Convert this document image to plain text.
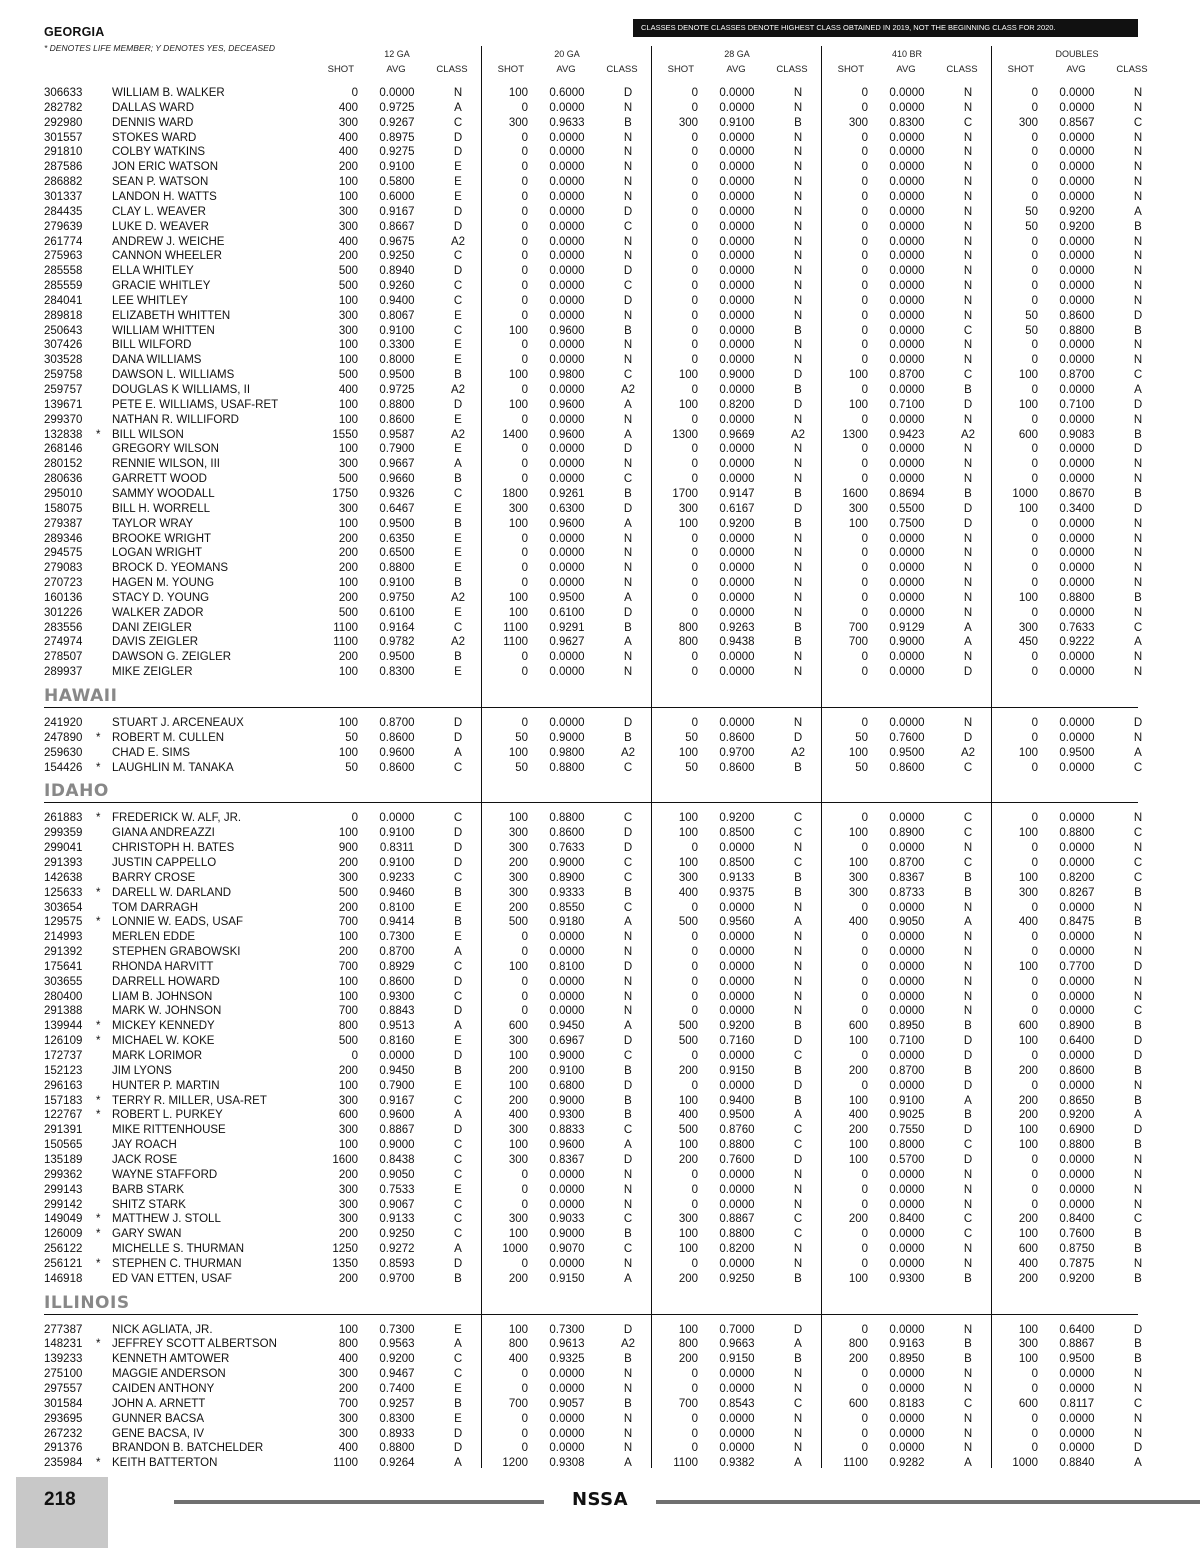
GEORGIA
* DENOTES LIFE MEMBER; Y DENOTES YES, DECEASED
CLASSES DENOTE CLASSES DENOTE HIGHEST CLASS OBTAINED IN 2019, NOT THE BEGINNING CLASS FOR 2020.
12 GA
SHOT	AVG	CLASS
20 GA
SHOT	AVG	CLASS
28 GA
SHOT	AVG	CLASS
410 BR
SHOT	AVG	CLASS
DOUBLES
SHOT	AVG	CLASS
306633	WILLIAM B. WALKER	0	0.0000	N	100	0.6000	D	0	0.0000	N	0	0.0000	N	0	0.0000	N
282782	DALLAS WARD	400	0.9725	A	0	0.0000	N	0	0.0000	N	0	0.0000	N	0	0.0000	N
292980	DENNIS WARD	300	0.9267	C	300	0.9633	B	300	0.9100	B	300	0.8300	C	300	0.8567	C
301557	STOKES WARD	400	0.8975	D	0	0.0000	N	0	0.0000	N	0	0.0000	N	0	0.0000	N
291810	COLBY WATKINS	400	0.9275	D	0	0.0000	N	0	0.0000	N	0	0.0000	N	0	0.0000	N
287586	JON ERIC WATSON	200	0.9100	E	0	0.0000	N	0	0.0000	N	0	0.0000	N	0	0.0000	N
286882	SEAN P. WATSON	100	0.5800	E	0	0.0000	N	0	0.0000	N	0	0.0000	N	0	0.0000	N
301337	LANDON H. WATTS	100	0.6000	E	0	0.0000	N	0	0.0000	N	0	0.0000	N	0	0.0000	N
284435	CLAY L. WEAVER	300	0.9167	D	0	0.0000	D	0	0.0000	N	0	0.0000	N	50	0.9200	A
279639	LUKE D. WEAVER	300	0.8667	D	0	0.0000	C	0	0.0000	N	0	0.0000	N	50	0.9200	B
261774	ANDREW J. WEICHE	400	0.9675	A2	0	0.0000	N	0	0.0000	N	0	0.0000	N	0	0.0000	N
275963	CANNON WHEELER	200	0.9250	C	0	0.0000	N	0	0.0000	N	0	0.0000	N	0	0.0000	N
285558	ELLA WHITLEY	500	0.8940	D	0	0.0000	D	0	0.0000	N	0	0.0000	N	0	0.0000	N
285559	GRACIE WHITLEY	500	0.9260	C	0	0.0000	C	0	0.0000	N	0	0.0000	N	0	0.0000	N
284041	LEE WHITLEY	100	0.9400	C	0	0.0000	D	0	0.0000	N	0	0.0000	N	0	0.0000	N
289818	ELIZABETH WHITTEN	300	0.8067	E	0	0.0000	N	0	0.0000	N	0	0.0000	N	50	0.8600	D
250643	WILLIAM WHITTEN	300	0.9100	C	100	0.9600	B	0	0.0000	B	0	0.0000	C	50	0.8800	B
307426	BILL WILFORD	100	0.3300	E	0	0.0000	N	0	0.0000	N	0	0.0000	N	0	0.0000	N
303528	DANA WILLIAMS	100	0.8000	E	0	0.0000	N	0	0.0000	N	0	0.0000	N	0	0.0000	N
259758	DAWSON L. WILLIAMS	500	0.9500	B	100	0.9800	C	100	0.9000	D	100	0.8700	C	100	0.8700	C
259757	DOUGLAS K WILLIAMS, II	400	0.9725	A2	0	0.0000	A2	0	0.0000	B	0	0.0000	B	0	0.0000	A
139671	PETE E. WILLIAMS, USAF-RET	100	0.8800	D	100	0.9600	A	100	0.8200	D	100	0.7100	D	100	0.7100	D
299370	NATHAN R. WILLIFORD	100	0.8600	E	0	0.0000	N	0	0.0000	N	0	0.0000	N	0	0.0000	N
132838 * BILL WILSON	1550	0.9587	A2	1400	0.9600	A	1300	0.9669	A2	1300	0.9423	A2	600	0.9083	B
268146	GREGORY WILSON	100	0.7900	E	0	0.0000	D	0	0.0000	N	0	0.0000	N	0	0.0000	D
280152	RENNIE WILSON, III	300	0.9667	A	0	0.0000	N	0	0.0000	N	0	0.0000	N	0	0.0000	N
280636	GARRETT WOOD	500	0.9660	B	0	0.0000	C	0	0.0000	N	0	0.0000	N	0	0.0000	N
295010	SAMMY WOODALL	1750	0.9326	C	1800	0.9261	B	1700	0.9147	B	1600	0.8694	B	1000	0.8670	B
158075	BILL H. WORRELL	300	0.6467	E	300	0.6300	D	300	0.6167	D	300	0.5500	D	100	0.3400	D
279387	TAYLOR WRAY	100	0.9500	B	100	0.9600	A	100	0.9200	B	100	0.7500	D	0	0.0000	N
289346	BROOKE WRIGHT	200	0.6350	E	0	0.0000	N	0	0.0000	N	0	0.0000	N	0	0.0000	N
294575	LOGAN WRIGHT	200	0.6500	E	0	0.0000	N	0	0.0000	N	0	0.0000	N	0	0.0000	N
279083	BROCK D. YEOMANS	200	0.8800	E	0	0.0000	N	0	0.0000	N	0	0.0000	N	0	0.0000	N
270723	HAGEN M. YOUNG	100	0.9100	B	0	0.0000	N	0	0.0000	N	0	0.0000	N	0	0.0000	N
160136	STACY D. YOUNG	200	0.9750	A2	100	0.9500	A	0	0.0000	N	0	0.0000	N	100	0.8800	B
301226	WALKER ZADOR	500	0.6100	E	100	0.6100	D	0	0.0000	N	0	0.0000	N	0	0.0000	N
283556	DANI ZEIGLER	1100	0.9164	C	1100	0.9291	B	800	0.9263	B	700	0.9129	A	300	0.7633	C
274974	DAVIS ZEIGLER	1100	0.9782	A2	1100	0.9627	A	800	0.9438	B	700	0.9000	A	450	0.9222	A
278507	DAWSON G. ZEIGLER	200	0.9500	B	0	0.0000	N	0	0.0000	N	0	0.0000	N	0	0.0000	N
289937	MIKE ZEIGLER	100	0.8300	E	0	0.0000	N	0	0.0000	N	0	0.0000	D	0	0.0000	N
HAWAII
241920	STUART J. ARCENEAUX	100	0.8700	D	0	0.0000	D	0	0.0000	N	0	0.0000	N	0	0.0000	D
247890 * ROBERT M. CULLEN	50	0.8600	D	50	0.9000	B	50	0.8600	D	50	0.7600	D	0	0.0000	N
259630	CHAD E. SIMS	100	0.9600	A	100	0.9800	A2	100	0.9700	A2	100	0.9500	A2	100	0.9500	A
154426 * LAUGHLIN M. TANAKA	50	0.8600	C	50	0.8800	C	50	0.8600	B	50	0.8600	C	0	0.0000	C
IDAHO
261883 * FREDERICK W. ALF, JR.	0	0.0000	C	100	0.8800	C	100	0.9200	C	0	0.0000	C	0	0.0000	N
299359	GIANA ANDREAZZI	100	0.9100	D	300	0.8600	D	100	0.8500	C	100	0.8900	C	100	0.8800	C
299041	CHRISTOPH H. BATES	900	0.8311	D	300	0.7633	D	0	0.0000	N	0	0.0000	N	0	0.0000	N
291393	JUSTIN CAPPELLO	200	0.9100	D	200	0.9000	C	100	0.8500	C	100	0.8700	C	0	0.0000	C
142638	BARRY CROSE	300	0.9233	C	300	0.8900	C	300	0.9133	B	300	0.8367	B	100	0.8200	C
125633 * DARELL W. DARLAND	500	0.9460	B	300	0.9333	B	400	0.9375	B	300	0.8733	B	300	0.8267	B
303654	TOM DARRAGH	200	0.8100	E	200	0.8550	C	0	0.0000	N	0	0.0000	N	0	0.0000	N
129575 * LONNIE W. EADS, USAF	700	0.9414	B	500	0.9180	A	500	0.9560	A	400	0.9050	A	400	0.8475	B
214993	MERLEN EDDE	100	0.7300	E	0	0.0000	N	0	0.0000	N	0	0.0000	N	0	0.0000	N
291392	STEPHEN GRABOWSKI	200	0.8700	A	0	0.0000	N	0	0.0000	N	0	0.0000	N	0	0.0000	N
175641	RHONDA HARVITT	700	0.8929	C	100	0.8100	D	0	0.0000	N	0	0.0000	N	100	0.7700	D
303655	DARRELL HOWARD	100	0.8600	D	0	0.0000	N	0	0.0000	N	0	0.0000	N	0	0.0000	N
280400	LIAM B. JOHNSON	100	0.9300	C	0	0.0000	N	0	0.0000	N	0	0.0000	N	0	0.0000	N
291388	MARK W. JOHNSON	700	0.8843	D	0	0.0000	N	0	0.0000	N	0	0.0000	N	0	0.0000	C
139944 * MICKEY KENNEDY	800	0.9513	A	600	0.9450	A	500	0.9200	B	600	0.8950	B	600	0.8900	B
126109 * MICHAEL W. KOKE	500	0.8160	E	300	0.6967	D	500	0.7160	D	100	0.7100	D	100	0.6400	D
172737	MARK LORIMOR	0	0.0000	D	100	0.9000	C	0	0.0000	C	0	0.0000	D	0	0.0000	D
152123	JIM LYONS	200	0.9450	B	200	0.9100	B	200	0.9150	B	200	0.8700	B	200	0.8600	B
296163	HUNTER P. MARTIN	100	0.7900	E	100	0.6800	D	0	0.0000	D	0	0.0000	D	0	0.0000	N
157183 * TERRY R. MILLER, USA-RET	300	0.9167	C	200	0.9000	B	100	0.9400	B	100	0.9100	A	200	0.8650	B
122767 * ROBERT L. PURKEY	600	0.9600	A	400	0.9300	B	400	0.9500	A	400	0.9025	B	200	0.9200	A
291391	MIKE RITTENHOUSE	300	0.8867	D	300	0.8833	C	500	0.8760	C	200	0.7550	D	100	0.6900	D
150565	JAY ROACH	100	0.9000	C	100	0.9600	A	100	0.8800	C	100	0.8000	C	100	0.8800	B
135189	JACK ROSE	1600	0.8438	C	300	0.8367	D	200	0.7600	D	100	0.5700	D	0	0.0000	N
299362	WAYNE STAFFORD	200	0.9050	C	0	0.0000	N	0	0.0000	N	0	0.0000	N	0	0.0000	N
299143	BARB STARK	300	0.7533	E	0	0.0000	N	0	0.0000	N	0	0.0000	N	0	0.0000	N
299142	SHITZ STARK	300	0.9067	C	0	0.0000	N	0	0.0000	N	0	0.0000	N	0	0.0000	N
149049 * MATTHEW J. STOLL	300	0.9133	C	300	0.9033	C	300	0.8867	C	200	0.8400	C	200	0.8400	C
126009 * GARY SWAN	200	0.9250	C	100	0.9000	B	100	0.8800	C	0	0.0000	C	100	0.7600	B
256122	MICHELLE S. THURMAN	1250	0.9272	A	1000	0.9070	C	100	0.8200	N	0	0.0000	N	600	0.8750	B
256121 * STEPHEN C. THURMAN	1350	0.8593	D	0	0.0000	N	0	0.0000	N	0	0.0000	N	400	0.7875	N
146918	ED VAN ETTEN, USAF	200	0.9700	B	200	0.9150	A	200	0.9250	B	100	0.9300	B	200	0.9200	B
ILLINOIS
277387	NICK AGLIATA, JR.	100	0.7300	E	100	0.7300	D	100	0.7000	D	0	0.0000	N	100	0.6400	D
148231 * JEFFREY SCOTT ALBERTSON	800	0.9563	A	800	0.9613	A2	800	0.9663	A	800	0.9163	B	300	0.8867	B
139233	KENNETH AMTOWER	400	0.9200	C	400	0.9325	B	200	0.9150	B	200	0.8950	B	100	0.9500	B
275100	MAGGIE ANDERSON	300	0.9467	C	0	0.0000	N	0	0.0000	N	0	0.0000	N	0	0.0000	N
297557	CAIDEN ANTHONY	200	0.7400	E	0	0.0000	N	0	0.0000	N	0	0.0000	N	0	0.0000	N
301584	JOHN A. ARNETT	700	0.9257	B	700	0.9057	B	700	0.8543	C	600	0.8183	C	600	0.8117	C
293695	GUNNER BACSA	300	0.8300	E	0	0.0000	N	0	0.0000	N	0	0.0000	N	0	0.0000	N
267232	GENE BACSA, IV	300	0.8933	D	0	0.0000	N	0	0.0000	N	0	0.0000	N	0	0.0000	N
291376	BRANDON B. BATCHELDER	400	0.8800	D	0	0.0000	N	0	0.0000	N	0	0.0000	N	0	0.0000	D
235984 * KEITH BATTERTON	1100	0.9264	A	1200	0.9308	A	1100	0.9382	A	1100	0.9282	A	1000	0.8840	A
218	NSSA
